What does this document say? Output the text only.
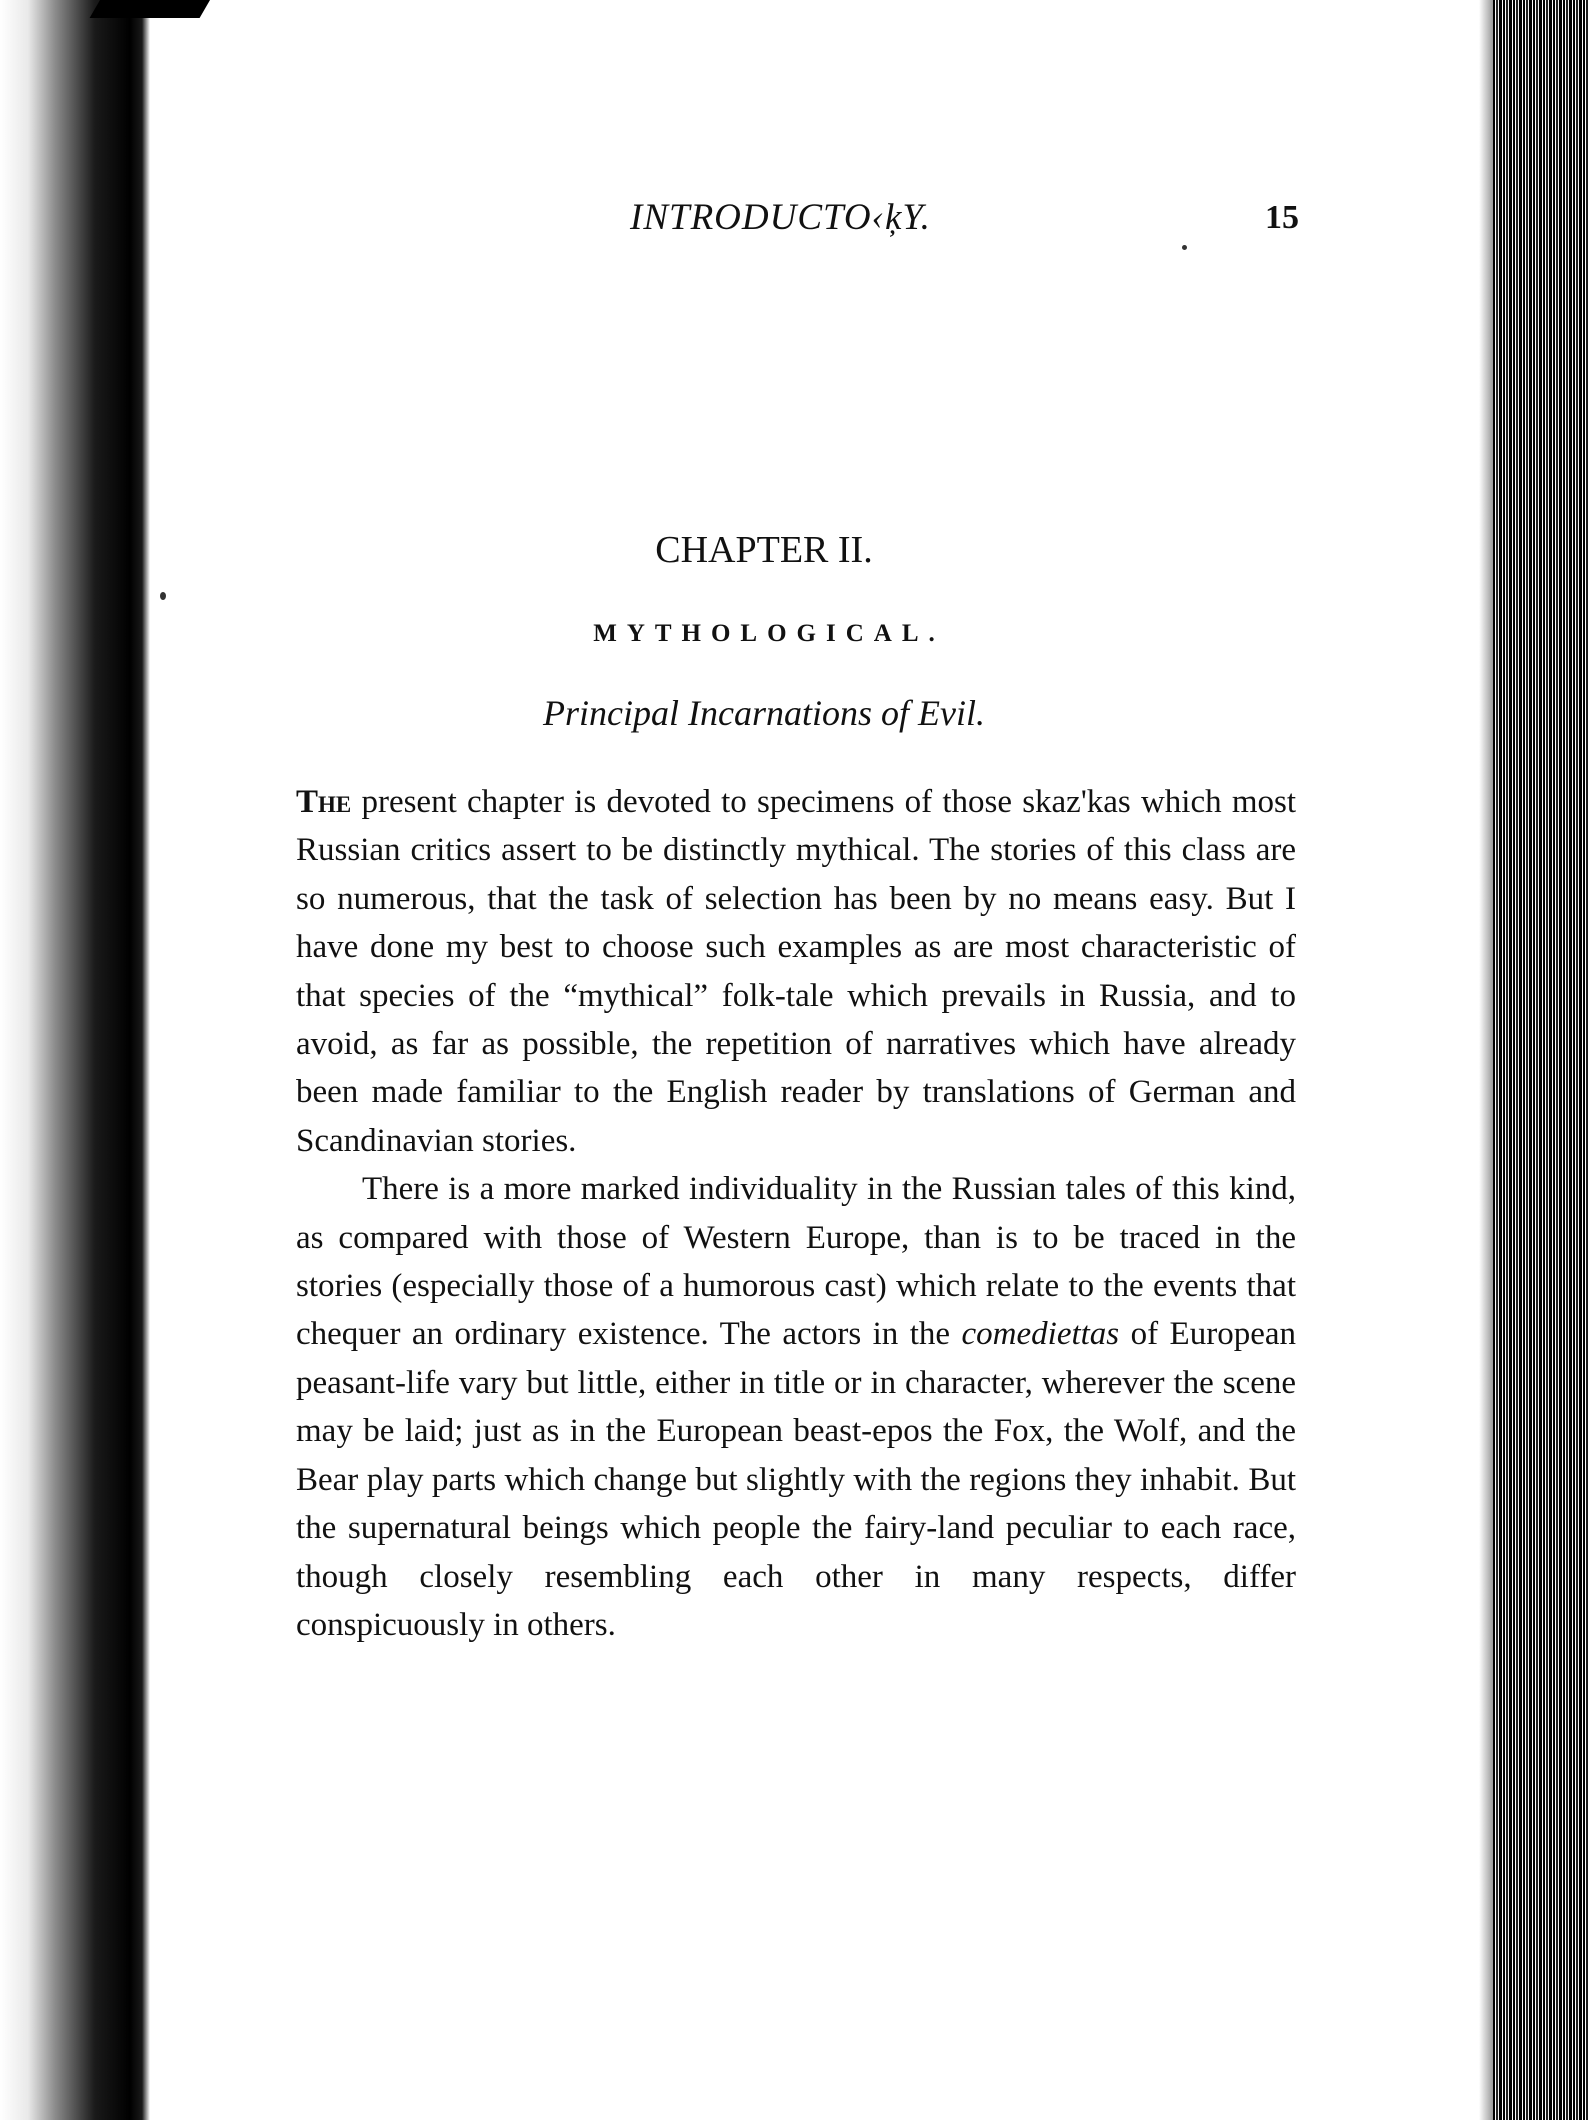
INTRODUCTO‹ķY.	15
CHAPTER II.
MYTHOLOGICAL.
Principal Incarnations of Evil.

The present chapter is devoted to specimens of those skaz'kas which most Russian critics assert to be distinctly mythical. The stories of this class are so numerous, that the task of selection has been by no means easy. But I have done my best to choose such examples as are most characteristic of that species of the “mythical” folk-tale which prevails in Russia, and to avoid, as far as possible, the repetition of narratives which have already been made familiar to the English reader by translations of German and Scandinavian stories.

There is a more marked individuality in the Russian tales of this kind, as compared with those of Western Europe, than is to be traced in the stories (especially those of a humorous cast) which relate to the events that chequer an ordinary existence. The actors in the comediettas of European peasant-life vary but little, either in title or in character, wherever the scene may be laid; just as in the European beast-epos the Fox, the Wolf, and the Bear play parts which change but slightly with the regions they inhabit. But the supernatural beings which people the fairy-land peculiar to each race, though closely resembling each other in many respects, differ conspicuously in others.
